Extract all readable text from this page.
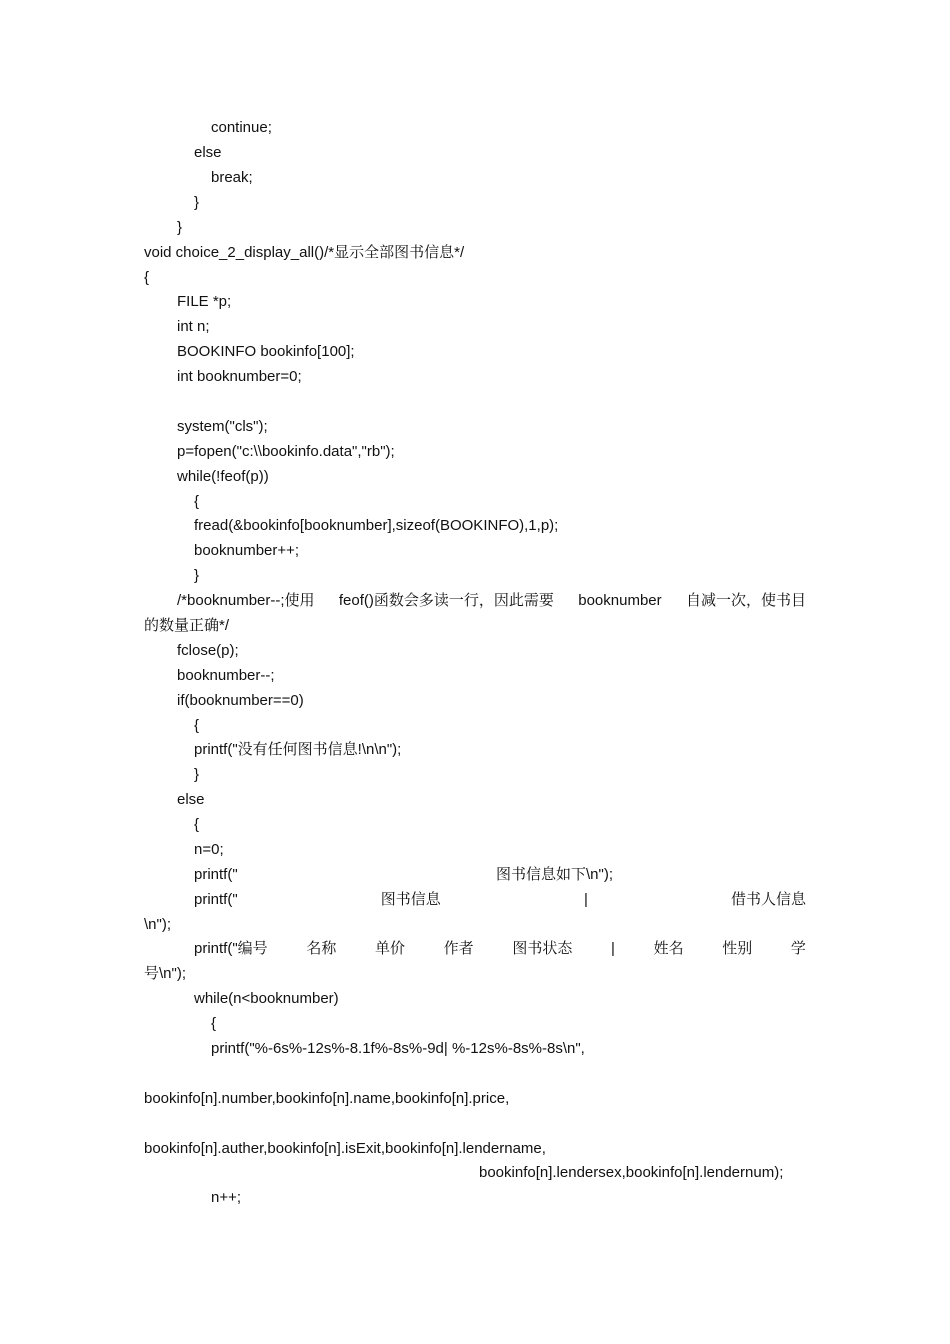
continue;
else
break;
}
}
void choice_2_display_all()/*显示全部图书信息*/
{
FILE *p;
int n;
BOOKINFO bookinfo[100];
int booknumber=0;
system("cls");
p=fopen("c:\\bookinfo.data","rb");
while(!feof(p))
{
fread(&bookinfo[booknumber],sizeof(BOOKINFO),1,p);
booknumber++;
}
/*booknumber--;使用 feof()函数会多读一行，因此需要 booknumber 自减一次，使书目
的数量正确*/
fclose(p);
booknumber--;
if(booknumber==0)
{
printf("没有任何图书信息!\n\n");
}
else
{
n=0;
printf("	图书信息如下\n");
printf("	图书信息	|	借书人信息
\n");
printf("编号	名称	单价	作者	图书状态	|	姓名	性别	学
号\n");
while(n<booknumber)
{
printf("%-6s%-12s%-8.1f%-8s%-9d| %-12s%-8s%-8s\n",
bookinfo[n].number,bookinfo[n].name,bookinfo[n].price,
bookinfo[n].auther,bookinfo[n].isExit,bookinfo[n].lendername,
bookinfo[n].lendersex,bookinfo[n].lendernum);
n++;
